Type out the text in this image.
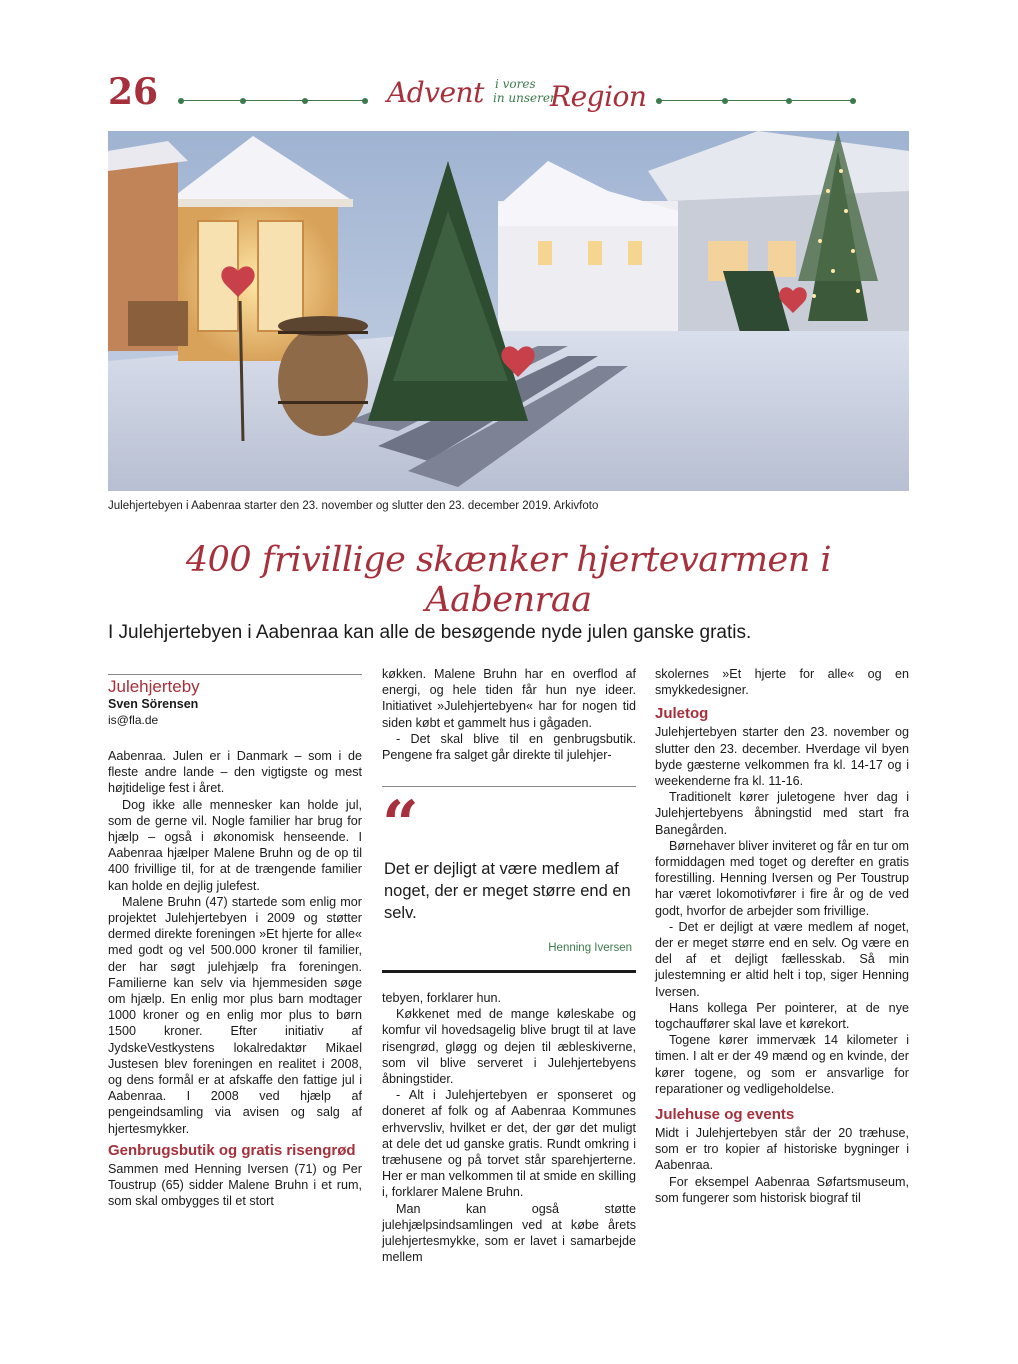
26	Advent i vores
in unserer
Region
Julehjertebyen i Aabenraa starter den 23. november og slutter den 23. december 2019. Arkivfoto
400 frivillige skænker hjertevarmen i Aabenraa
I Julehjertebyen i Aabenraa kan alle de besøgende nyde julen ganske gratis.
Julehjerteby
Sven Sörensen
is@fla.de

Aabenraa. Julen er i Danmark – som i de fleste andre lande – den vigtigste og mest højtidelige fest i året.

Dog ikke alle mennesker kan holde jul, som de gerne vil. Nogle familier har brug for hjælp – også i økonomisk henseende. I Aabenraa hjælper Malene Bruhn og de op til 400 frivillige til, for at de trængende familier kan holde en dejlig julefest.

Malene Bruhn (47) startede som enlig mor projektet Julehjertebyen i 2009 og støtter dermed direkte foreningen »Et hjerte for alle« med godt og vel 500.000 kroner til familier, der har søgt julehjælp fra foreningen. Familierne kan selv via hjemmesiden søge om hjælp. En enlig mor plus barn modtager 1000 kroner og en enlig mor plus to børn 1500 kroner. Efter initiativ af JydskeVestkystens lokalredaktør Mikael Justesen blev foreningen en realitet i 2008, og dens formål er at afskaffe den fattige jul i Aabenraa. I 2008 ved hjælp af pengeindsamling via avisen og salg af hjertesmykker.

Genbrugsbutik og gratis risengrød

Sammen med Henning Iversen (71) og Per Toustrup (65) sidder Malene Bruhn i et rum, som skal ombygges til et stort

køkken. Malene Bruhn har en overflod af energi, og hele tiden får hun nye ideer. Initiativet »Julehjertebyen« har for nogen tid siden købt et gammelt hus i gågaden.

- Det skal blive til en genbrugsbutik. Pengene fra salget går direkte til julehjer-

“
Det er dejligt at være medlem af noget, der er meget større end en selv.
Henning Iversen

tebyen, forklarer hun.

Køkkenet med de mange køleskabe og komfur vil hovedsagelig blive brugt til at lave risengrød, gløgg og dejen til æbleskiverne, som vil blive serveret i Julehjertebyens åbningstider.

- Alt i Julehjertebyen er sponseret og doneret af folk og af Aabenraa Kommunes erhvervsliv, hvilket er det, der gør det muligt at dele det ud ganske gratis. Rundt omkring i træhusene og på torvet står sparehjerterne. Her er man velkommen til at smide en skilling i, forklarer Malene Bruhn.

Man kan også støtte julehjælpsindsamlingen ved at købe årets julehjertesmykke, som er lavet i samarbejde mellem

skolernes »Et hjerte for alle« og en smykkedesigner.

Juletog

Julehjertebyen starter den 23. november og slutter den 23. december. Hverdage vil byen byde gæsterne velkommen fra kl. 14-17 og i weekenderne fra kl. 11-16.

Traditionelt kører juletogene hver dag i Julehjertebyens åbningstid med start fra Banegården.

Børnehaver bliver inviteret og får en tur om formiddagen med toget og derefter en gratis forestilling. Henning Iversen og Per Toustrup har været lokomotivfører i fire år og de ved godt, hvorfor de arbejder som frivillige.

- Det er dejligt at være medlem af noget, der er meget større end en selv. Og være en del af et dejligt fællesskab. Så min julestemning er altid helt i top, siger Henning Iversen.

Hans kollega Per pointerer, at de nye togchauffører skal lave et kørekort.

Togene kører immervæk 14 kilometer i timen. I alt er der 49 mænd og en kvinde, der kører togene, og som er ansvarlige for reparationer og vedligeholdelse.

Julehuse og events

Midt i Julehjertebyen står der 20 træhuse, som er tro kopier af historiske bygninger i Aabenraa.

For eksempel Aabenraa Søfartsmuseum, som fungerer som historisk biograf til
